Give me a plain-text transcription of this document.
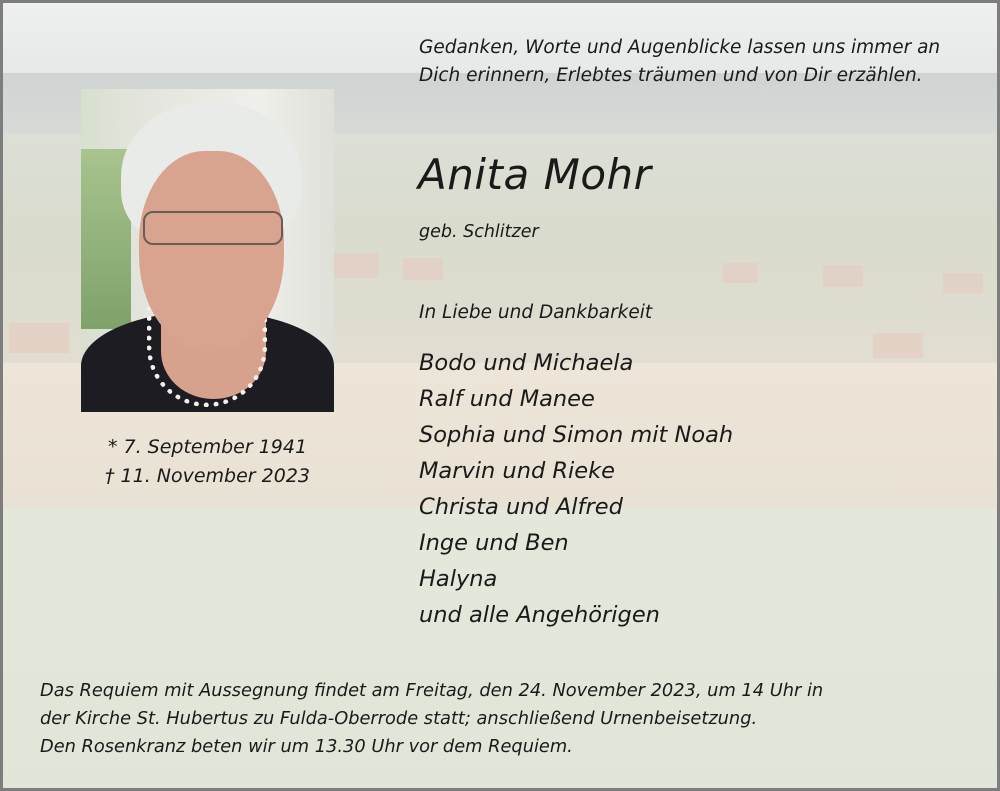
Gedanken, Worte und Augenblicke lassen uns immer an
Dich erinnern, Erlebtes träumen und von Dir erzählen.
Anita Mohr
geb. Schlitzer
In Liebe und Dankbarkeit
Bodo und Michaela
Ralf und Manee
Sophia und Simon mit Noah
Marvin und Rieke
Christa und Alfred
Inge und Ben
Halyna
und alle Angehörigen
* 7. September 1941
† 11. November 2023
Das Requiem mit Aussegnung findet am Freitag, den 24. November 2023, um 14 Uhr in
der Kirche St. Hubertus zu Fulda-Oberrode statt; anschließend Urnenbeisetzung.
Den Rosenkranz beten wir um 13.30 Uhr vor dem Requiem.
